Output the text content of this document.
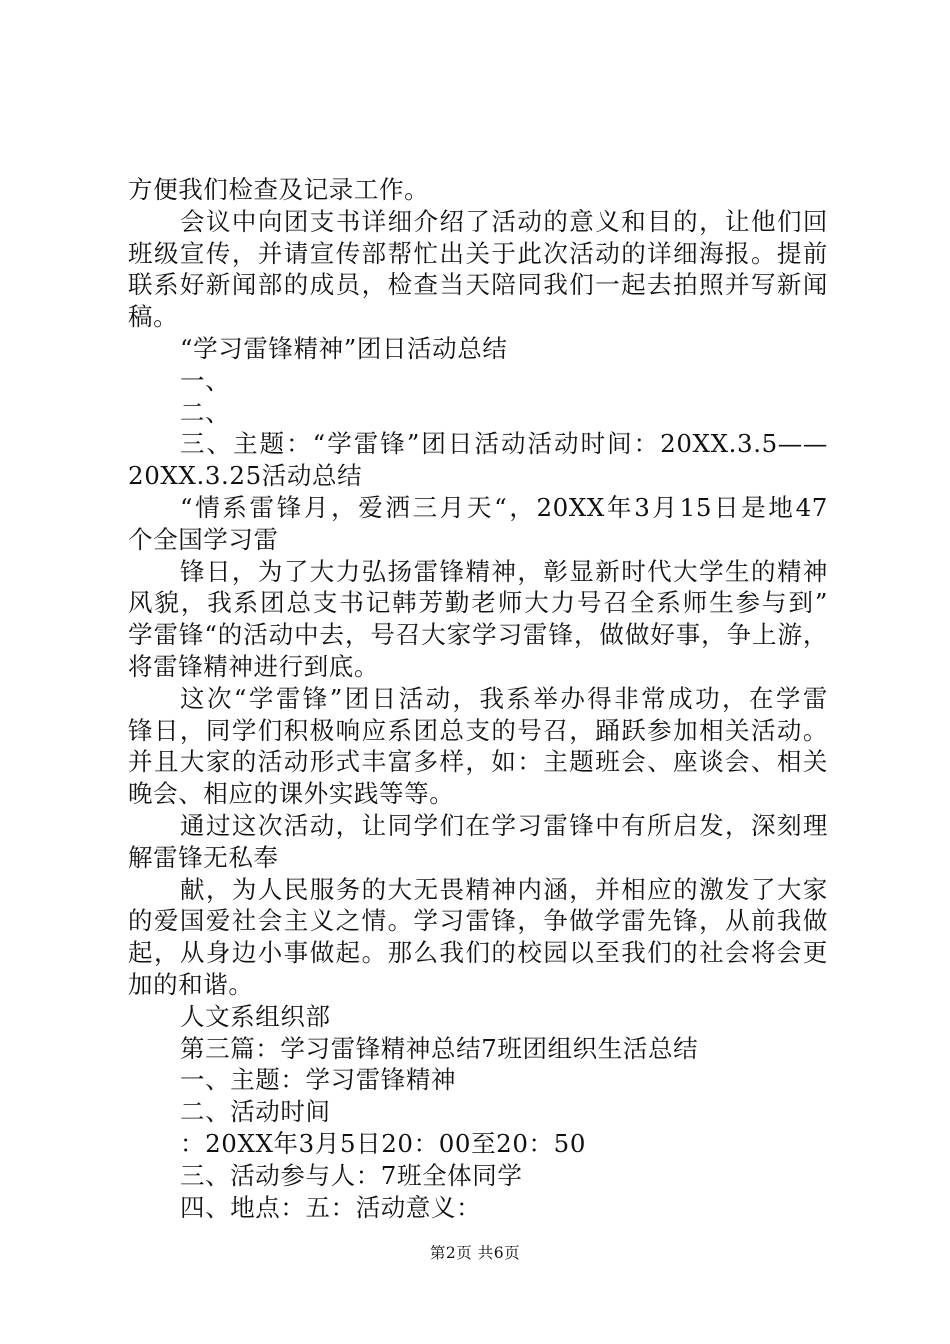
方便我们检查及记录工作。
会议中向团支书详细介绍了活动的意义和目的，让他们回
班级宣传，并请宣传部帮忙出关于此次活动的详细海报。提前
联系好新闻部的成员，检查当天陪同我们一起去拍照并写新闻
稿。
“学习雷锋精神”团日活动总结
一、
二、
三、主题：“学雷锋”团日活动活动时间：20XX.3.5——
20XX.3.25活动总结
“情系雷锋月，爱洒三月天“，20XX年3月15日是地47
个全国学习雷
锋日，为了大力弘扬雷锋精神，彰显新时代大学生的精神
风貌，我系团总支书记韩芳勤老师大力号召全系师生参与到”
学雷锋“的活动中去，号召大家学习雷锋，做做好事，争上游，
将雷锋精神进行到底。
这次“学雷锋”团日活动，我系举办得非常成功，在学雷
锋日，同学们积极响应系团总支的号召，踊跃参加相关活动。
并且大家的活动形式丰富多样，如：主题班会、座谈会、相关
晚会、相应的课外实践等等。
通过这次活动，让同学们在学习雷锋中有所启发，深刻理
解雷锋无私奉
献，为人民服务的大无畏精神内涵，并相应的激发了大家
的爱国爱社会主义之情。学习雷锋，争做学雷先锋，从前我做
起，从身边小事做起。那么我们的校园以至我们的社会将会更
加的和谐。
人文系组织部
第三篇：学习雷锋精神总结7班团组织生活总结
一、主题：学习雷锋精神
二、活动时间
：20XX年3月5日20：00至20：50
三、活动参与人：7班全体同学
四、地点：五：活动意义：
第2页 共6页
